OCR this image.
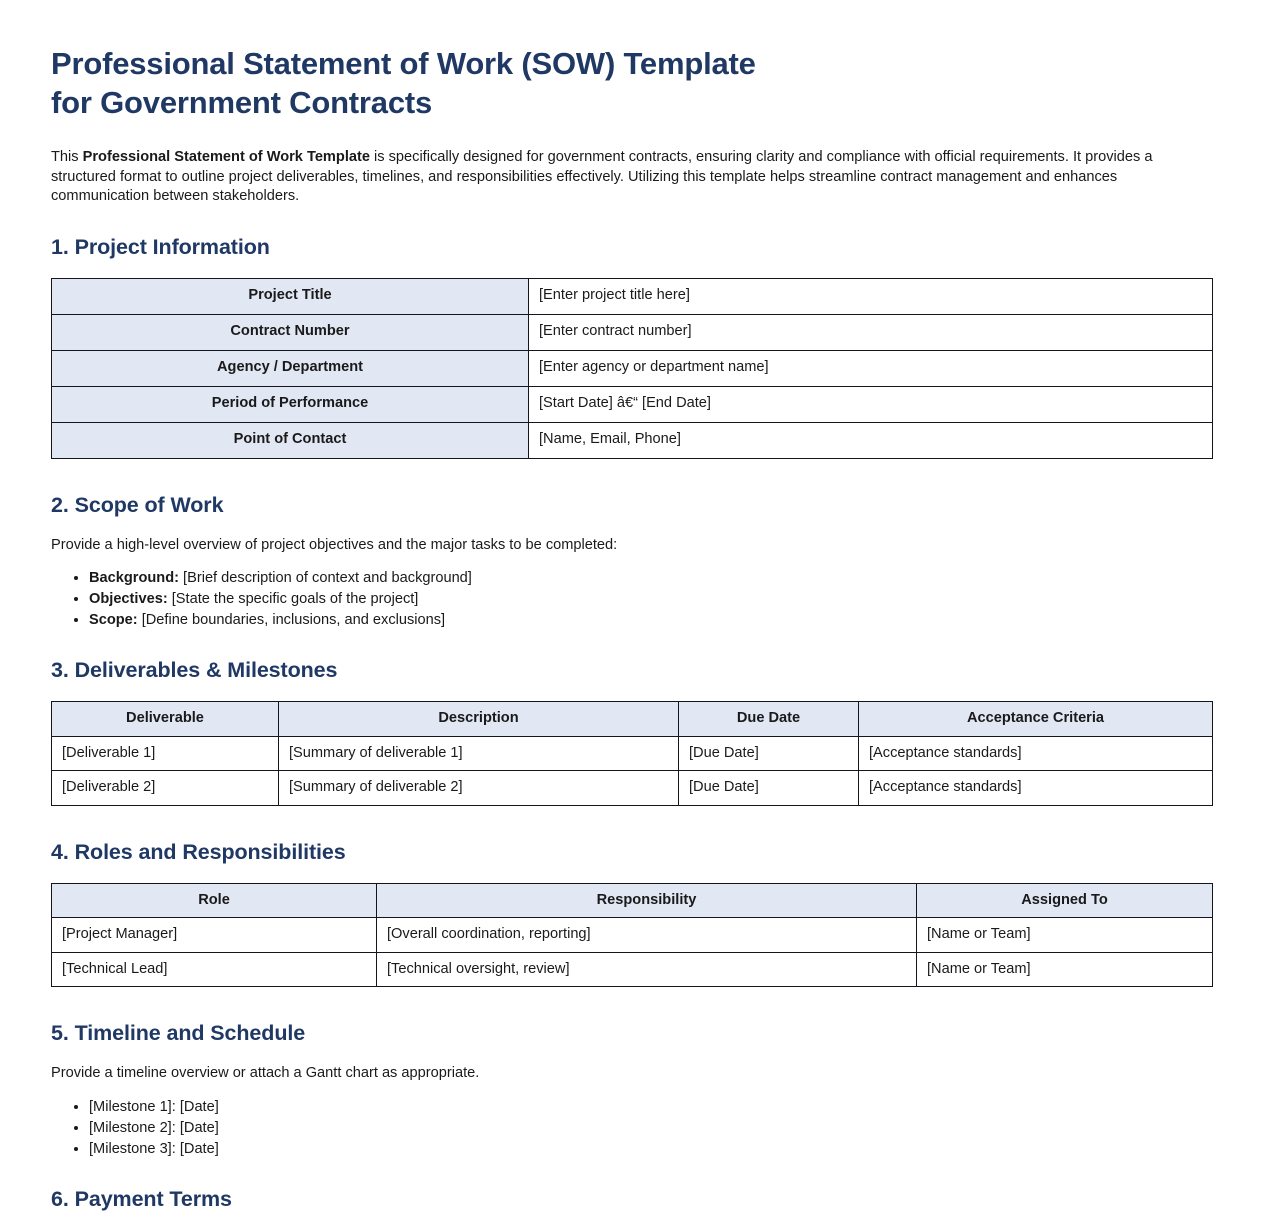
Professional Statement of Work (SOW) Template
for Government Contracts

This Professional Statement of Work Template is specifically designed for government contracts, ensuring clarity and compliance with official requirements. It provides a structured format to outline project deliverables, timelines, and responsibilities effectively. Utilizing this template helps streamline contract management and enhances communication between stakeholders.

1. Project Information
Project Title	[Enter project title here]
Contract Number	[Enter contract number]
Agency / Department	[Enter agency or department name]
Period of Performance	[Start Date] â€“ [End Date]
Point of Contact	[Name, Email, Phone]
2. Scope of Work

Provide a high-level overview of project objectives and the major tasks to be completed:

• Background: [Brief description of context and background]
• Objectives: [State the specific goals of the project]
• Scope: [Define boundaries, inclusions, and exclusions]
3. Deliverables & Milestones
Deliverable	Description	Due Date	Acceptance Criteria
[Deliverable 1]	[Summary of deliverable 1]	[Due Date]	[Acceptance standards]
[Deliverable 2]	[Summary of deliverable 2]	[Due Date]	[Acceptance standards]
4. Roles and Responsibilities
Role	Responsibility	Assigned To
[Project Manager]	[Overall coordination, reporting]	[Name or Team]
[Technical Lead]	[Technical oversight, review]	[Name or Team]
5. Timeline and Schedule

Provide a timeline overview or attach a Gantt chart as appropriate.

• [Milestone 1]: [Date]
• [Milestone 2]: [Date]
• [Milestone 3]: [Date]
6. Payment Terms
